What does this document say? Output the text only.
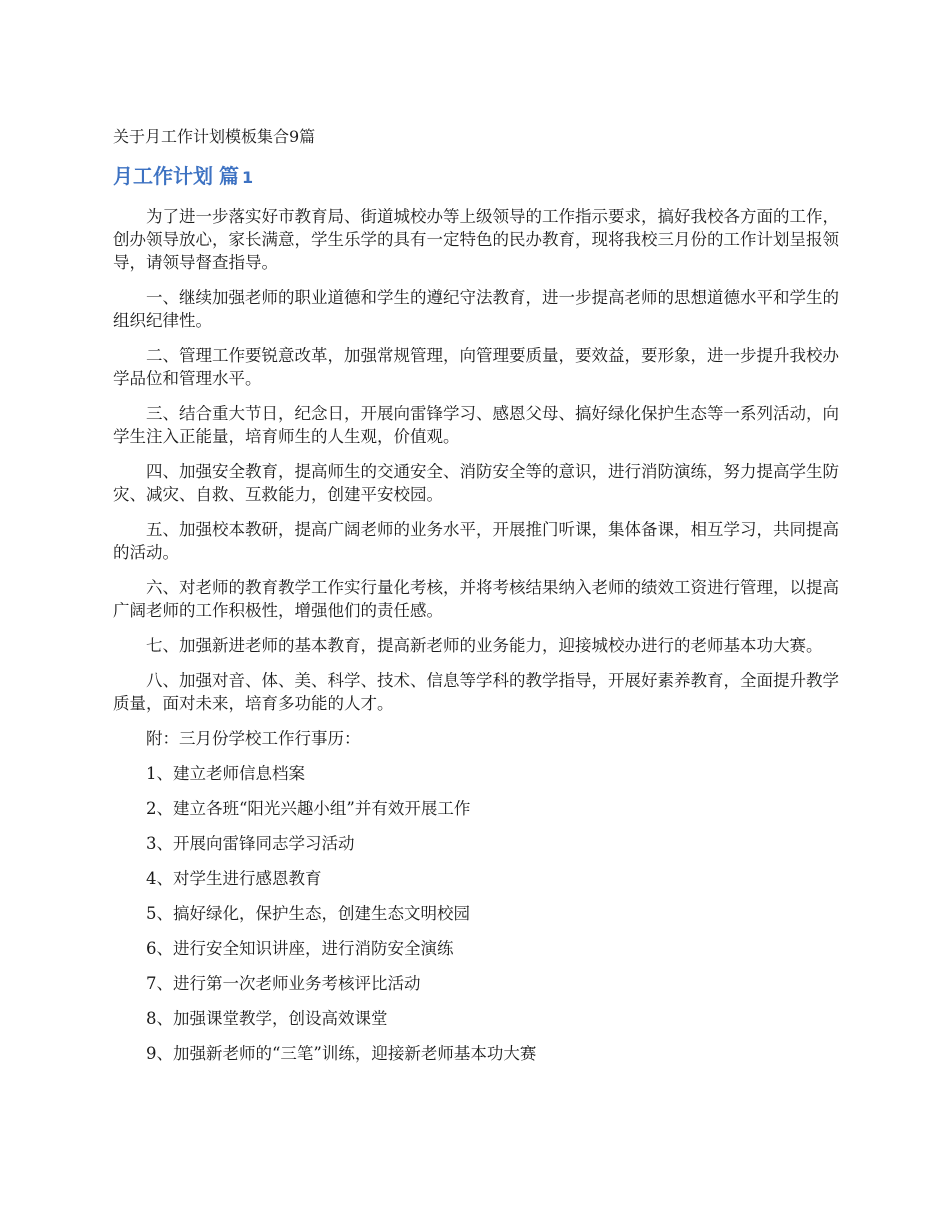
关于月工作计划模板集合9篇

月工作计划 篇 1

为了进一步落实好市教育局、街道城校办等上级领导的工作指示要求，搞好我校各方面的工作，创办领导放心，家长满意，学生乐学的具有一定特色的民办教育，现将我校三月份的工作计划呈报领导，请领导督查指导。

一、继续加强老师的职业道德和学生的遵纪守法教育，进一步提高老师的思想道德水平和学生的组织纪律性。

二、管理工作要锐意改革，加强常规管理，向管理要质量，要效益，要形象，进一步提升我校办学品位和管理水平。

三、结合重大节日，纪念日，开展向雷锋学习、感恩父母、搞好绿化保护生态等一系列活动，向学生注入正能量，培育师生的人生观，价值观。

四、加强安全教育，提高师生的交通安全、消防安全等的意识，进行消防演练，努力提高学生防灾、减灾、自救、互救能力，创建平安校园。

五、加强校本教研，提高广阔老师的业务水平，开展推门听课，集体备课，相互学习，共同提高的活动。

六、对老师的教育教学工作实行量化考核，并将考核结果纳入老师的绩效工资进行管理，以提高广阔老师的工作积极性，增强他们的责任感。

七、加强新进老师的基本教育，提高新老师的业务能力，迎接城校办进行的老师基本功大赛。

八、加强对音、体、美、科学、技术、信息等学科的教学指导，开展好素养教育，全面提升教学质量，面对未来，培育多功能的人才。

附：三月份学校工作行事历：

1、建立老师信息档案

2、建立各班“阳光兴趣小组”并有效开展工作

3、开展向雷锋同志学习活动

4、对学生进行感恩教育

5、搞好绿化，保护生态，创建生态文明校园

6、进行安全知识讲座，进行消防安全演练

7、进行第一次老师业务考核评比活动

8、加强课堂教学，创设高效课堂

9、加强新老师的“三笔”训练，迎接新老师基本功大赛
